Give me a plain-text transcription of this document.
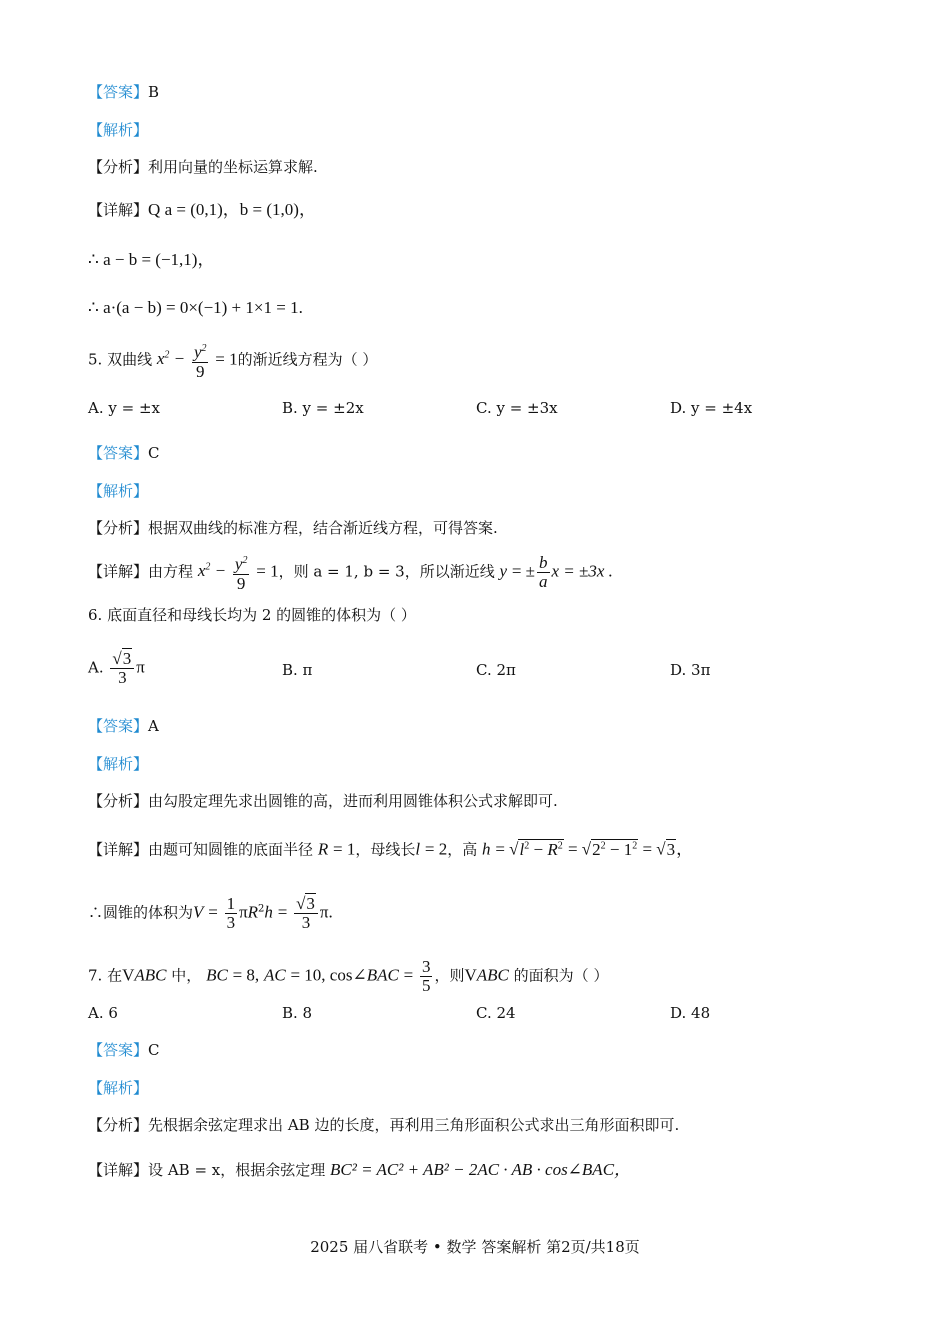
【答案】B
【解析】
【分析】利用向量的坐标运算求解.
【详解】Q a = (0,1)，b = (1,0)，
∴ a − b = (−1,1)，
∴ a·(a − b) = 0×(−1) + 1×1 = 1.
5. 双曲线 $x^2 - \frac{y^2}{9} = 1$的渐近线方程为（ ）
A. y = ±x	B. y = ±2x	C. y = ±3x	D. y = ±4x
【答案】C
【解析】
【分析】根据双曲线的标准方程，结合渐近线方程，可得答案.
【详解】由方程 $x^2 - \frac{y^2}{9} = 1$，则 a = 1, b = 3，所以渐近线 y = ± $\frac{b}{a}$ x = ±3x .
6. 底面直径和母线长均为 2 的圆锥的体积为（ ）
A. $\frac{√3}{3}$ π	B. π	C. 2π	D. 3π
【答案】A
【解析】
【分析】由勾股定理先求出圆锥的高，进而利用圆锥体积公式求解即可.
【详解】由题可知圆锥的底面半径 R = 1，母线长l = 2，高 $h = √l^2 - R^2 = √2^2 - 1^2 = √3$，
∴圆锥的体积为$V = \frac{1}{3} \pi R^2h = \frac{√3}{3} \pi$.
7. 在VABC 中， BC = 8, AC = 10, cos∠BAC = $\frac{3}{5}$ ，则VABC 的面积为（ ）
A. 6	B. 8	C. 24	D. 48
【答案】C
【解析】
【分析】先根据余弦定理求出 AB 边的长度，再利用三角形面积公式求出三角形面积即可.
【详解】设 AB = x，根据余弦定理 BC² = AC² + AB² − 2AC · AB · cos∠BAC，
2025 届八省联考 • 数学 答案解析 第2页/共18页
